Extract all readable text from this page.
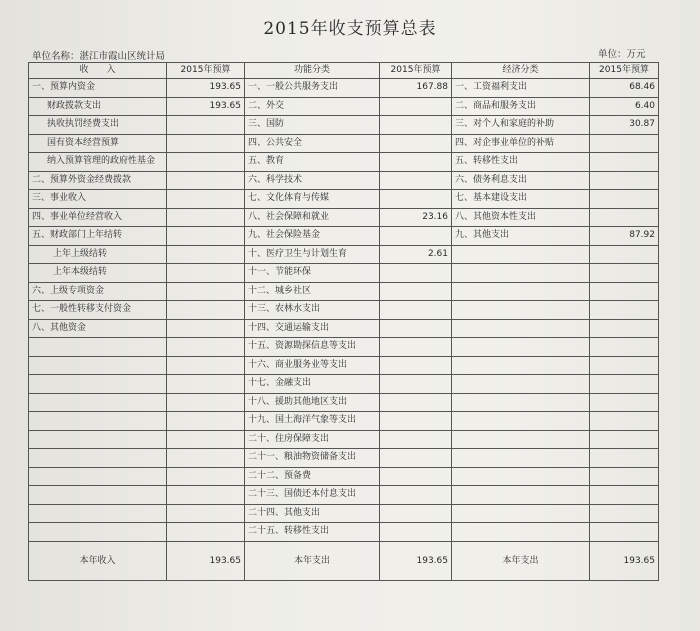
2015年收支预算总表
单位名称：湛江市霞山区统计局	单位：万元
收　　入	2015年预算	功能分类	2015年预算	经济分类	2015年预算
一、预算内资金	193.65	一、一般公共服务支出	167.88	一、工资福利支出	68.46
财政拨款支出	193.65	二、外交		二、商品和服务支出	6.40
执收执罚经费支出		三、国防		三、对个人和家庭的补助	30.87
国有资本经营预算		四、公共安全		四、对企事业单位的补贴	
纳入预算管理的政府性基金		五、教育		五、转移性支出	
二、预算外资金经费拨款		六、科学技术		六、债务利息支出	
三、事业收入		七、文化体育与传媒		七、基本建设支出	
四、事业单位经营收入		八、社会保障和就业	23.16	八、其他资本性支出	
五、财政部门上年结转		九、社会保险基金		九、其他支出	87.92
上年上级结转		十、医疗卫生与计划生育	2.61		
上年本级结转		十一、节能环保			
六、上级专项资金		十二、城乡社区			
七、一般性转移支付资金		十三、农林水支出			
八、其他资金		十四、交通运输支出			
		十五、资源勘探信息等支出			
		十六、商业服务业等支出			
		十七、金融支出			
		十八、援助其他地区支出			
		十九、国土海洋气象等支出			
		二十、住房保障支出			
		二十一、粮油物资储备支出			
		二十二、预备费			
		二十三、国债还本付息支出			
		二十四、其他支出			
		二十五、转移性支出			
本年收入	193.65	本年支出	193.65	本年支出	193.65
